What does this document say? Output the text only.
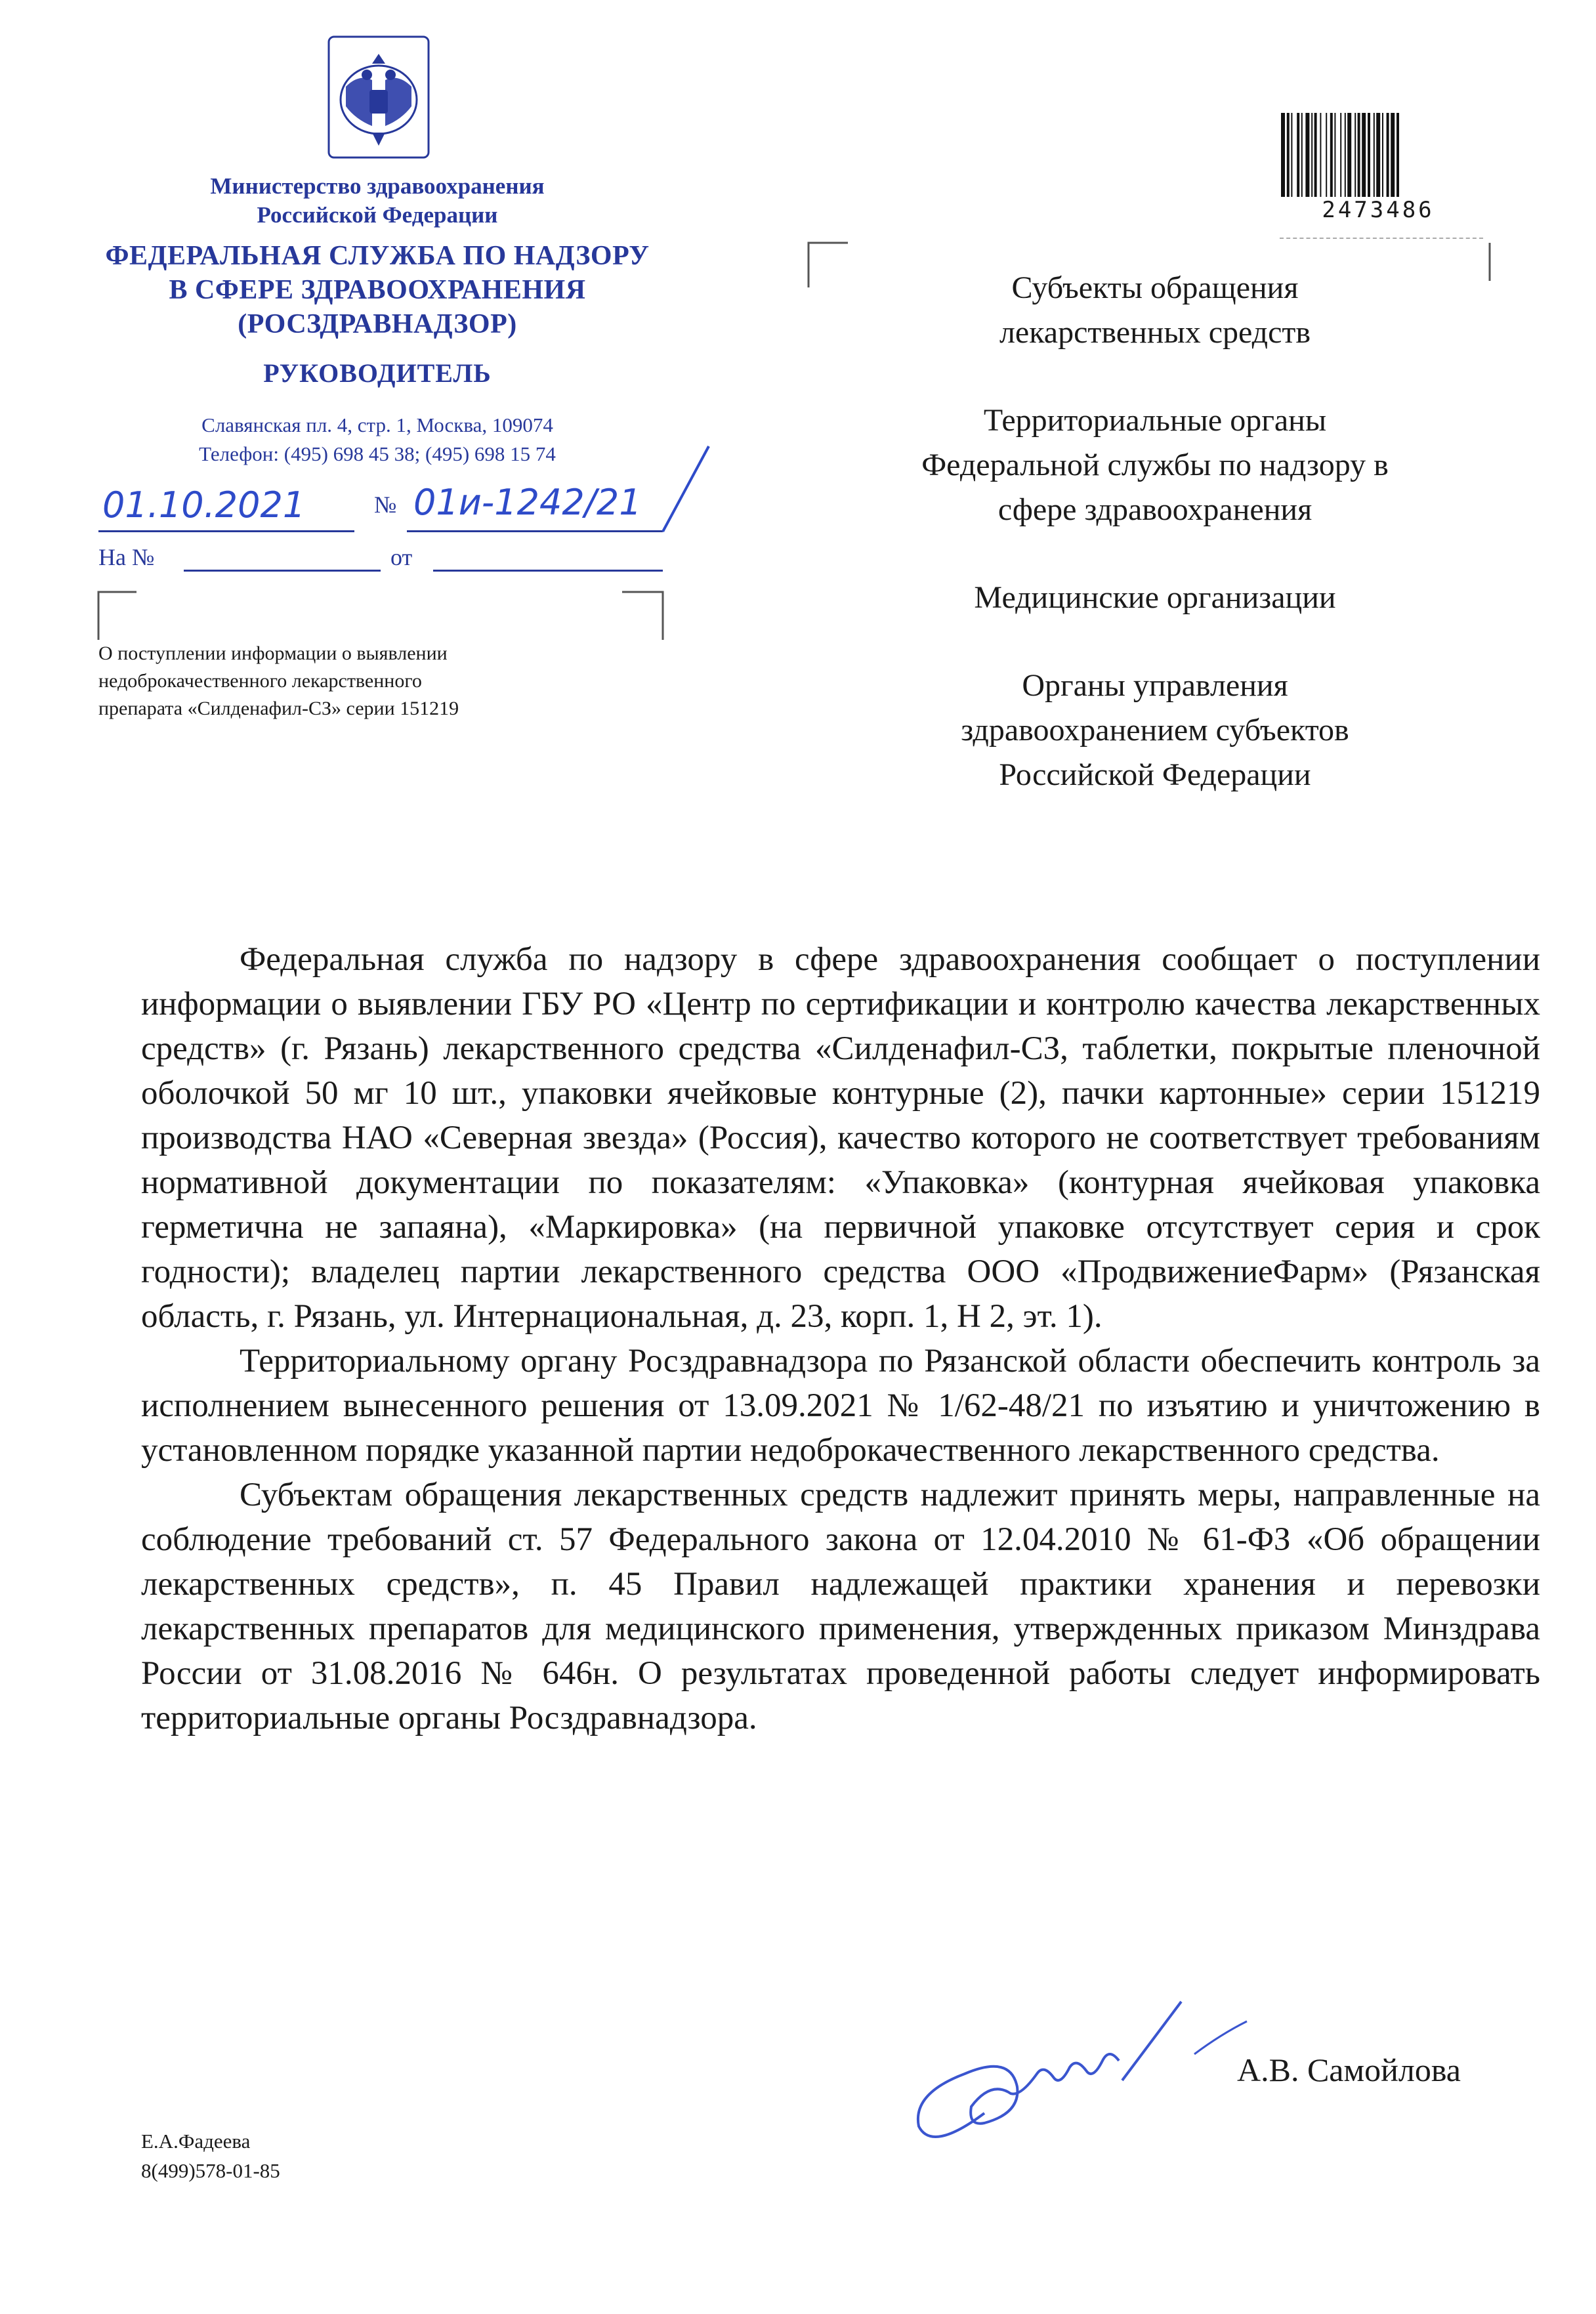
Министерство здравоохранения
Российской Федерации
ФЕДЕРАЛЬНАЯ СЛУЖБА ПО НАДЗОРУ
В СФЕРЕ ЗДРАВООХРАНЕНИЯ
(РОСЗДРАВНАДЗОР)
РУКОВОДИТЕЛЬ
Славянская пл. 4, стр. 1, Москва, 109074
Телефон: (495) 698 45 38; (495) 698 15 74
01.10.2021	№ 01и-1242/21
На №	от
О поступлении информации о выявлении
недоброкачественного лекарственного
препарата «Силденафил-СЗ» серии 151219
2473486

Субъекты обращения
лекарственных средств

Территориальные органы
Федеральной службы по надзору в
сфере здравоохранения

Медицинские организации

Органы управления
здравоохранением субъектов
Российской Федерации

Федеральная служба по надзору в сфере здравоохранения сообщает о поступлении информации о выявлении ГБУ РО «Центр по сертификации и контролю качества лекарственных средств» (г. Рязань) лекарственного средства «Силденафил-СЗ, таблетки, покрытые пленочной оболочкой 50 мг 10 шт., упаковки ячейковые контурные (2), пачки картонные» серии 151219 производства НАО «Северная звезда» (Россия), качество которого не соответствует требованиям нормативной документации по показателям: «Упаковка» (контурная ячейковая упаковка герметична не запаяна), «Маркировка» (на первичной упаковке отсутствует серия и срок годности); владелец партии лекарственного средства ООО «ПродвижениеФарм» (Рязанская область, г. Рязань, ул. Интернациональная, д. 23, корп. 1, Н 2, эт. 1).

Территориальному органу Росздравнадзора по Рязанской области обеспечить контроль за исполнением вынесенного решения от 13.09.2021 № 1/62-48/21 по изъятию и уничтожению в установленном порядке указанной партии недоброкачественного лекарственного средства.

Субъектам обращения лекарственных средств надлежит принять меры, направленные на соблюдение требований ст. 57 Федерального закона от 12.04.2010 № 61-ФЗ «Об обращении лекарственных средств», п. 45 Правил надлежащей практики хранения и перевозки лекарственных препаратов для медицинского применения, утвержденных приказом Минздрава России от 31.08.2016 № 646н. О результатах проведенной работы следует информировать территориальные органы Росздравнадзора.

А.В. Самойлова
Е.А.Фадеева
8(499)578-01-85
